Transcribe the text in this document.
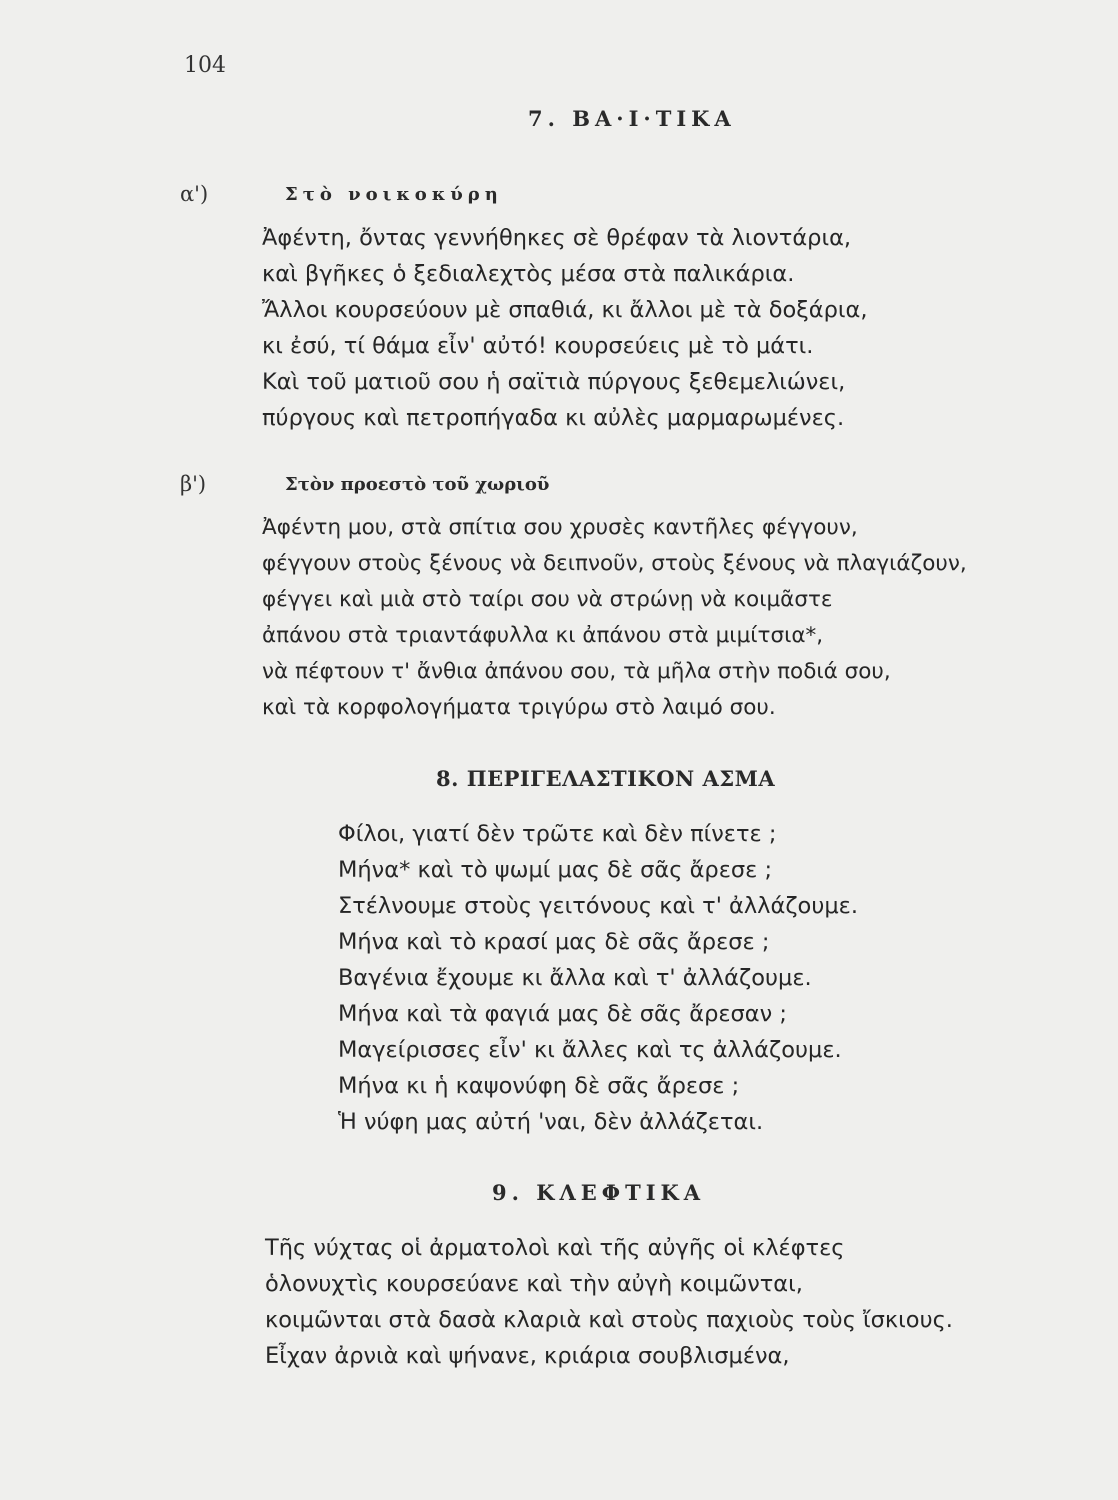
104
7. ΒΑ·Ι·ΤΙΚΑ
α')	Στὸ νοικοκύρη
Ἀφέντη, ὄντας γεννήθηκες σὲ θρέφαν τὰ λιοντάρια,
καὶ βγῆκες ὁ ξεδιαλεχτὸς μέσα στὰ παλικάρια.
Ἄλλοι κουρσεύουν μὲ σπαθιά, κι ἄλλοι μὲ τὰ δοξάρια,
κι ἐσύ, τί θάμα εἶν' αὐτό! κουρσεύεις μὲ τὸ μάτι.
Καὶ τοῦ ματιοῦ σου ἡ σαϊτιὰ πύργους ξεθεμελιώνει,
πύργους καὶ πετροπήγαδα κι αὐλὲς μαρμαρωμένες.
β')	Στὸν προεστὸ τοῦ χωριοῦ
Ἀφέντη μου, στὰ σπίτια σου χρυσὲς καντῆλες φέγγουν,
φέγγουν στοὺς ξένους νὰ δειπνοῦν, στοὺς ξένους νὰ πλαγιάζουν,
φέγγει καὶ μιὰ στὸ ταίρι σου νὰ στρώνῃ νὰ κοιμᾶστε
ἀπάνου στὰ τριαντάφυλλα κι ἀπάνου στὰ μιμίτσια*,
νὰ πέφτουν τ' ἄνθια ἀπάνου σου, τὰ μῆλα στὴν ποδιά σου,
καὶ τὰ κορφολογήματα τριγύρω στὸ λαιμό σου.
8. ΠΕΡΙΓΕΛΑΣΤΙΚΟΝ ΑΣΜΑ
Φίλοι, γιατί δὲν τρῶτε καὶ δὲν πίνετε ;
Μήνα* καὶ τὸ ψωμί μας δὲ σᾶς ἄρεσε ;
Στέλνουμε στοὺς γειτόνους καὶ τ' ἀλλάζουμε.
Μήνα καὶ τὸ κρασί μας δὲ σᾶς ἄρεσε ;
Βαγένια ἔχουμε κι ἄλλα καὶ τ' ἀλλάζουμε.
Μήνα καὶ τὰ φαγιά μας δὲ σᾶς ἄρεσαν ;
Μαγείρισσες εἶν' κι ἄλλες καὶ τς ἀλλάζουμε.
Μήνα κι ἡ καψονύφη δὲ σᾶς ἄρεσε ;
Ἡ νύφη μας αὐτή 'ναι, δὲν ἀλλάζεται.
9. ΚΛΕΦΤΙΚΑ
Τῆς νύχτας οἱ ἀρματολοὶ καὶ τῆς αὐγῆς οἱ κλέφτες
ὁλονυχτὶς κουρσεύανε καὶ τὴν αὐγὴ κοιμῶνται,
κοιμῶνται στὰ δασὰ κλαριὰ καὶ στοὺς παχιοὺς τοὺς ἴσκιους.
Εἶχαν ἀρνιὰ καὶ ψήνανε, κριάρια σουβλισμένα,
